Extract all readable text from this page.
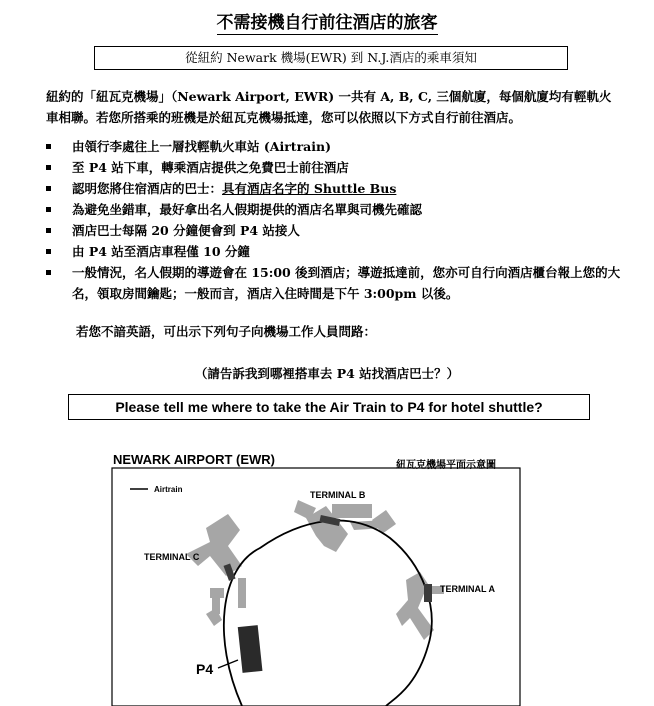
不需接機自行前往酒店的旅客
從紐約 Newark 機場(EWR) 到 N.J.酒店的乘車須知
紐約的「紐瓦克機場」（Newark Airport, EWR) 一共有 A, B, C, 三個航廈，每個航廈均有輕軌火車相聯。若您所搭乘的班機是於紐瓦克機場抵達，您可以依照以下方式自行前往酒店。
由領行李處往上一層找輕軌火車站 (Airtrain)
至 P4 站下車，轉乘酒店提供之免費巴士前往酒店
認明您將住宿酒店的巴士：具有酒店名字的 Shuttle Bus
為避免坐錯車，最好拿出名人假期提供的酒店名單與司機先確認
酒店巴士每隔 20 分鐘便會到 P4 站接人
由 P4 站至酒店車程僅 10 分鐘
一般情況，名人假期的導遊會在 15:00 後到酒店；導遊抵達前，您亦可自行向酒店櫃台報上您的大名，領取房間鑰匙；一般而言，酒店入住時間是下午 3:00pm 以後。
若您不諳英語，可出示下列句子向機場工作人員問路：
（請告訴我到哪裡搭車去 P4 站找酒店巴士？）
Please tell me where to take the Air Train to P4 for hotel shuttle?
NEWARK AIRPORT (EWR)	紐瓦克機場平面示意圖
Airtrain
TERMINAL B
TERMINAL C
TERMINAL A
P4
